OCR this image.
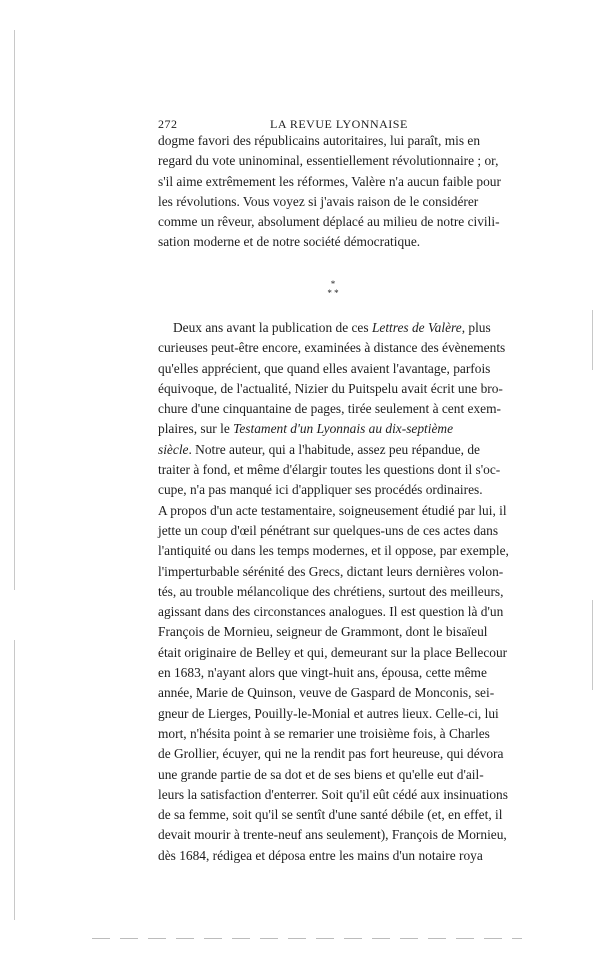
272	LA REVUE LYONNAISE
dogme favori des républicains autoritaires, lui paraît, mis en
regard du vote uninominal, essentiellement révolutionnaire ; or,
s'il aime extrêmement les réformes, Valère n'a aucun faible pour
les révolutions. Vous voyez si j'avais raison de le considérer
comme un rêveur, absolument déplacé au milieu de notre civili-
sation moderne et de notre société démocratique.
*
* *
Deux ans avant la publication de ces Lettres de Valère, plus
curieuses peut-être encore, examinées à distance des évènements
qu'elles apprécient, que quand elles avaient l'avantage, parfois
équivoque, de l'actualité, Nizier du Puitspelu avait écrit une bro-
chure d'une cinquantaine de pages, tirée seulement à cent exem-
plaires, sur le Testament d'un Lyonnais au dix-septième
siècle. Notre auteur, qui a l'habitude, assez peu répandue, de
traiter à fond, et même d'élargir toutes les questions dont il s'oc-
cupe, n'a pas manqué ici d'appliquer ses procédés ordinaires.
A propos d'un acte testamentaire, soigneusement étudié par lui, il
jette un coup d'œil pénétrant sur quelques-uns de ces actes dans
l'antiquité ou dans les temps modernes, et il oppose, par exemple,
l'imperturbable sérénité des Grecs, dictant leurs dernières volon-
tés, au trouble mélancolique des chrétiens, surtout des meilleurs,
agissant dans des circonstances analogues. Il est question là d'un
François de Mornieu, seigneur de Grammont, dont le bisaïeul
était originaire de Belley et qui, demeurant sur la place Bellecour
en 1683, n'ayant alors que vingt-huit ans, épousa, cette même
année, Marie de Quinson, veuve de Gaspard de Monconis, sei-
gneur de Lierges, Pouilly-le-Monial et autres lieux. Celle-ci, lui
mort, n'hésita point à se remarier une troisième fois, à Charles
de Grollier, écuyer, qui ne la rendit pas fort heureuse, qui dévora
une grande partie de sa dot et de ses biens et qu'elle eut d'ail-
leurs la satisfaction d'enterrer. Soit qu'il eût cédé aux insinuations
de sa femme, soit qu'il se sentît d'une santé débile (et, en effet, il
devait mourir à trente-neuf ans seulement), François de Mornieu,
dès 1684, rédigea et déposa entre les mains d'un notaire roya
